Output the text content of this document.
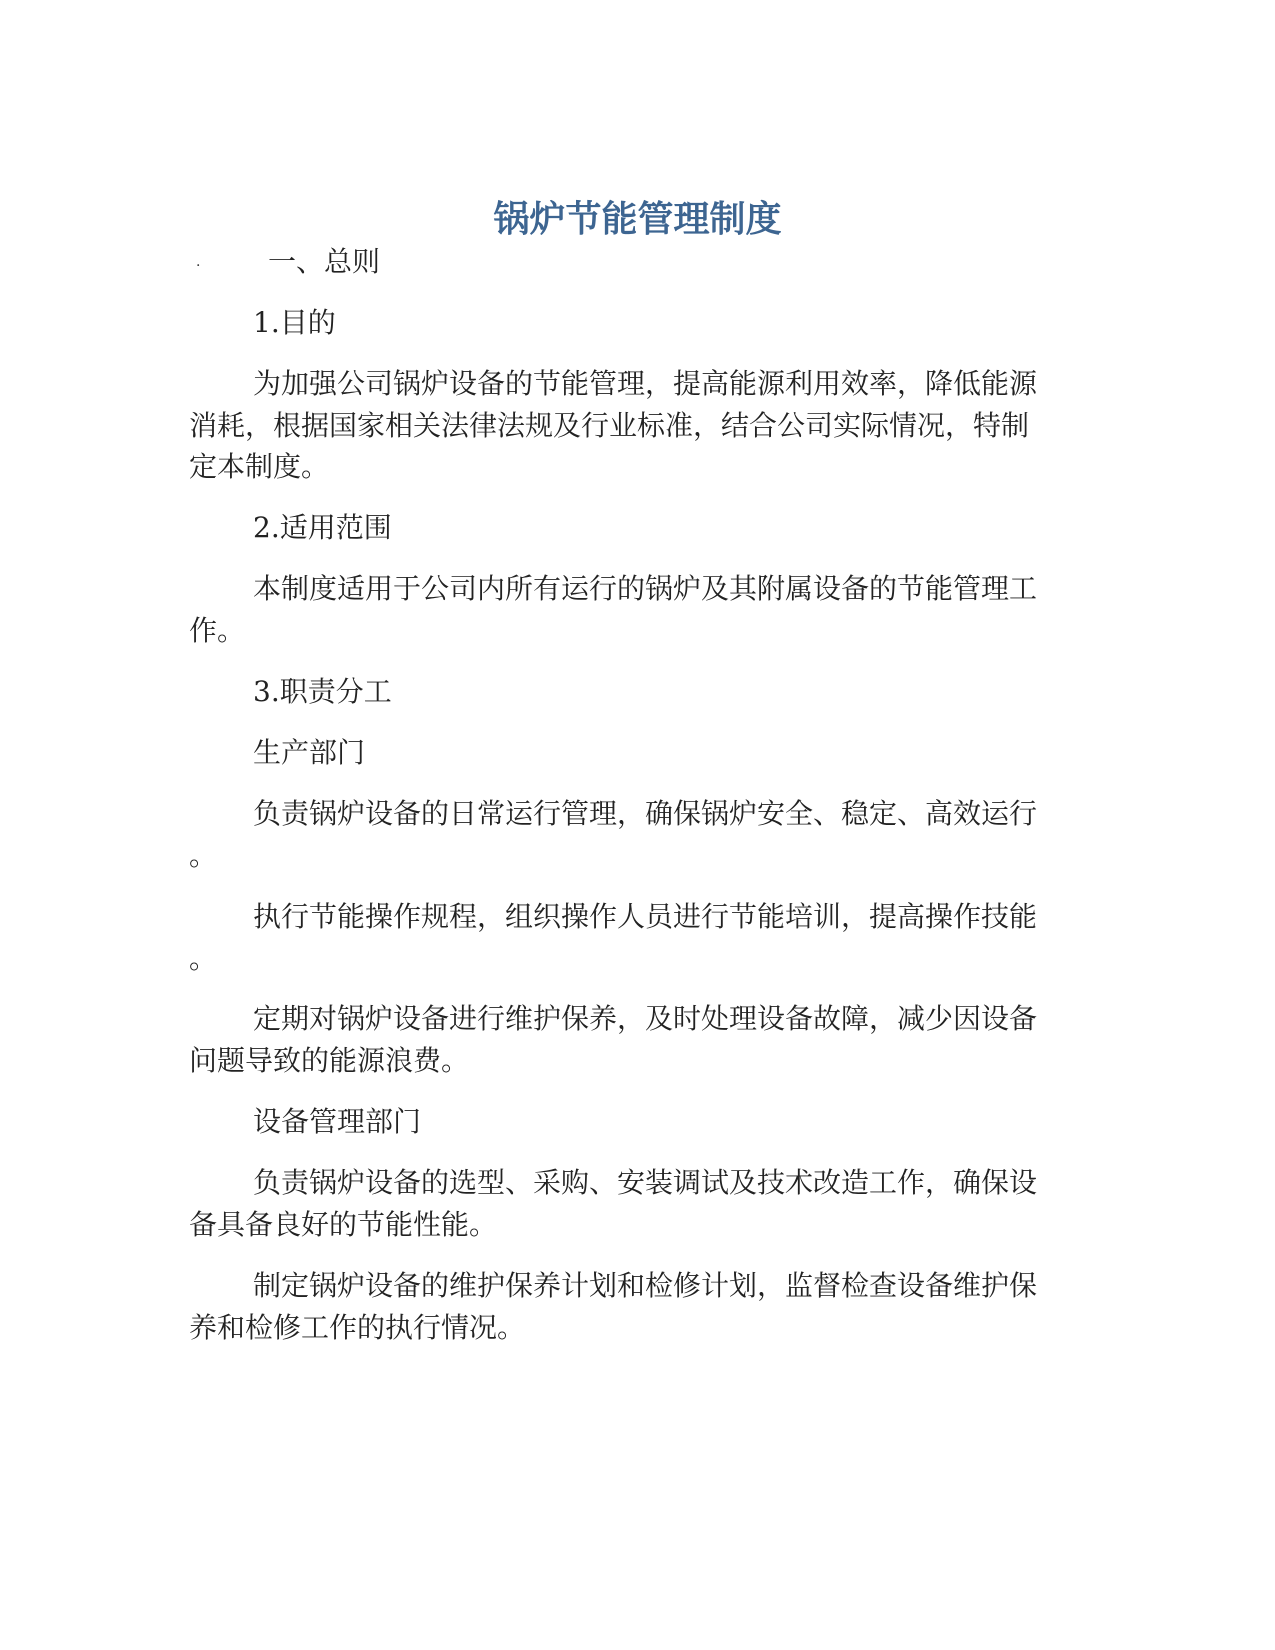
锅炉节能管理制度
· 一、总则

1.目的

为加强公司锅炉设备的节能管理，提高能源利用效率，降低能源

消耗，根据国家相关法律法规及行业标准，结合公司实际情况，特制

定本制度。

2.适用范围

本制度适用于公司内所有运行的锅炉及其附属设备的节能管理工

作。

3.职责分工

生产部门

负责锅炉设备的日常运行管理，确保锅炉安全、稳定、高效运行

。

执行节能操作规程，组织操作人员进行节能培训，提高操作技能

。

定期对锅炉设备进行维护保养，及时处理设备故障，减少因设备

问题导致的能源浪费。

设备管理部门

负责锅炉设备的选型、采购、安装调试及技术改造工作，确保设

备具备良好的节能性能。

制定锅炉设备的维护保养计划和检修计划，监督检查设备维护保

养和检修工作的执行情况。
